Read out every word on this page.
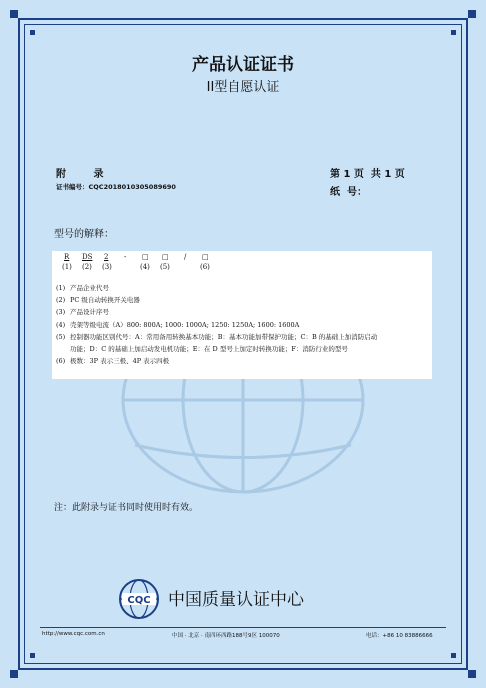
产品认证证书
II型自愿认证
附 录	第 1 页  共 1 页
证书编号：CQC2018010305089690	纸  号：
型号的解释：
R DS 2 - □ □ / □
(1) (2) (3)	(4) (5)	(6)
(1) 产品企业代号
(2) PC 级自动转换开关电器
(3) 产品设计序号
(4) 壳架等级电流（A）800: 800A; 1000: 1000A; 1250: 1250A; 1600: 1600A
(5) 控制器功能区别代号：A：常用备用转换基本功能；B：基本功能加带保护功能；C：B 的基础上加消防启动
功能；D：C 的基础上加启动发电机功能；E：在 D 型号上加定时转换功能；F：消防行业的型号
(6) 极数：3P 表示三极、4P 表示四极
注：此附录与证书同时使用时有效。
CQC 中国质量认证中心
http://www.cqc.com.cn	中国 · 北京 · 南四环西路188号9区 100070	电话：+86 10 83886666
